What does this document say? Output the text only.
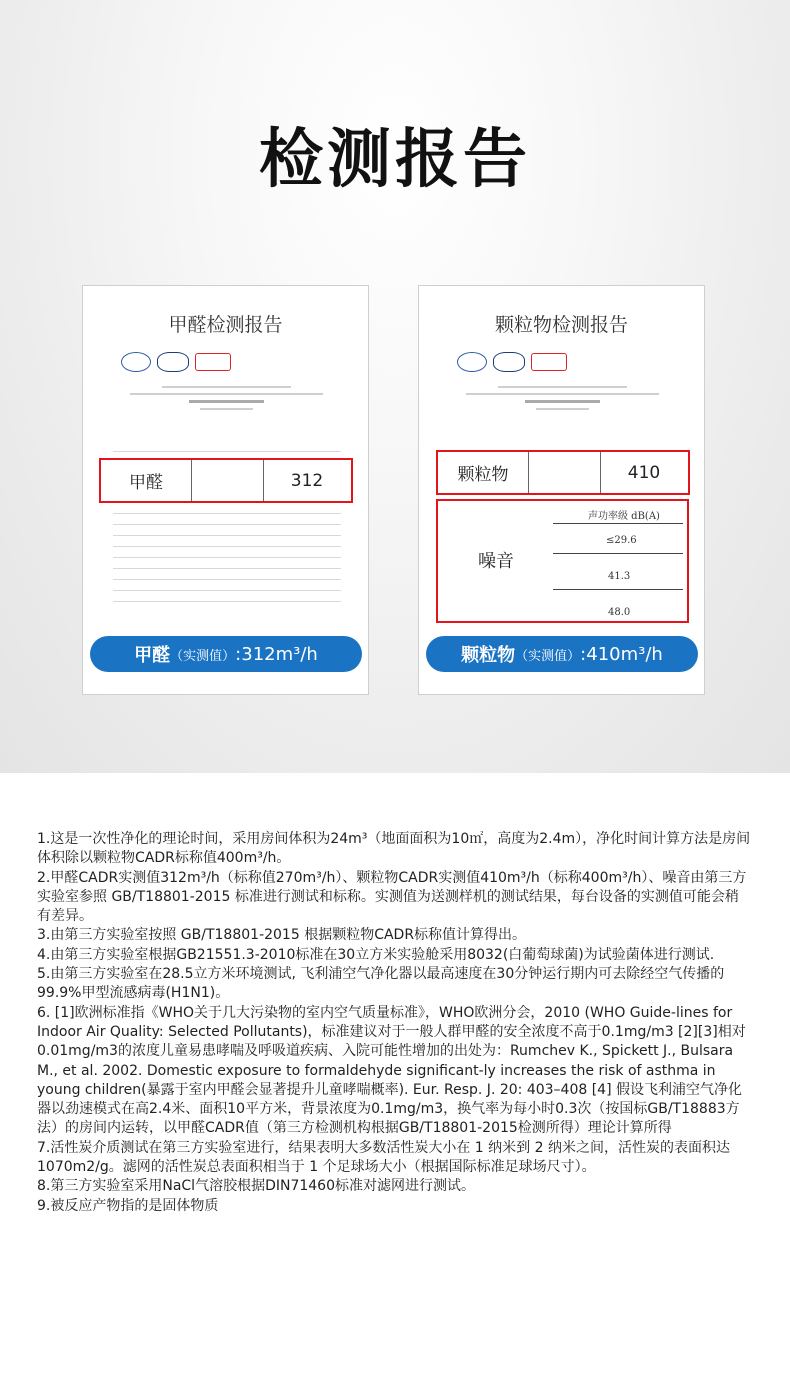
检测报告
甲醛检测报告
甲醛	312
甲醛 （实测值） :312m³/h
颗粒物检测报告
颗粒物	410
噪音
声功率级 dB(A)
≤29.6
41.3
48.0
颗粒物 （实测值） :410m³/h

1.这是一次性净化的理论时间，采用房间体积为24m³（地面面积为10㎡，高度为2.4m），净化时间计算方法是房间体积除以颗粒物CADR标称值400m³/h。

2.甲醛CADR实测值312m³/h（标称值270m³/h）、颗粒物CADR实测值410m³/h（标称400m³/h）、噪音由第三方实验室参照 GB/T18801-2015 标准进行测试和标称。实测值为送测样机的测试结果，每台设备的实测值可能会稍有差异。

3.由第三方实验室按照 GB/T18801-2015 根据颗粒物CADR标称值计算得出。

4.由第三方实验室根据GB21551.3-2010标准在30立方米实验舱采用8032(白葡萄球菌)为试验菌体进行测试.

5.由第三方实验室在28.5立方米环境测试, 飞利浦空气净化器以最高速度在30分钟运行期内可去除经空气传播的99.9%甲型流感病毒(H1N1)。

6. [1]欧洲标准指《WHO关于几大污染物的室内空气质量标准》，WHO欧洲分会，2010 (WHO Guide-lines for Indoor Air Quality: Selected Pollutants)，标准建议对于一般人群甲醛的安全浓度不高于0.1mg/m3 [2][3]相对0.01mg/m3的浓度儿童易患哮喘及呼吸道疾病、入院可能性增加的出处为：Rumchev K., Spickett J., Bulsara M., et al. 2002. Domestic exposure to formaldehyde significant-ly increases the risk of asthma in young children(暴露于室内甲醛会显著提升儿童哮喘概率). Eur. Resp. J. 20: 403–408 [4] 假设飞利浦空气净化器以劲速模式在高2.4米、面积10平方米，背景浓度为0.1mg/m3，换气率为每小时0.3次（按国标GB/T18883方法）的房间内运转，以甲醛CADR值（第三方检测机构根据GB/T18801-2015检测所得）理论计算所得

7.活性炭介质测试在第三方实验室进行，结果表明大多数活性炭大小在 1 纳米到 2 纳米之间，活性炭的表面积达 1070m2/g。滤网的活性炭总表面积相当于 1 个足球场大小（根据国际标准足球场尺寸）。

8.第三方实验室采用NaCl气溶胶根据DIN71460标准对滤网进行测试。

9.被反应产物指的是固体物质
